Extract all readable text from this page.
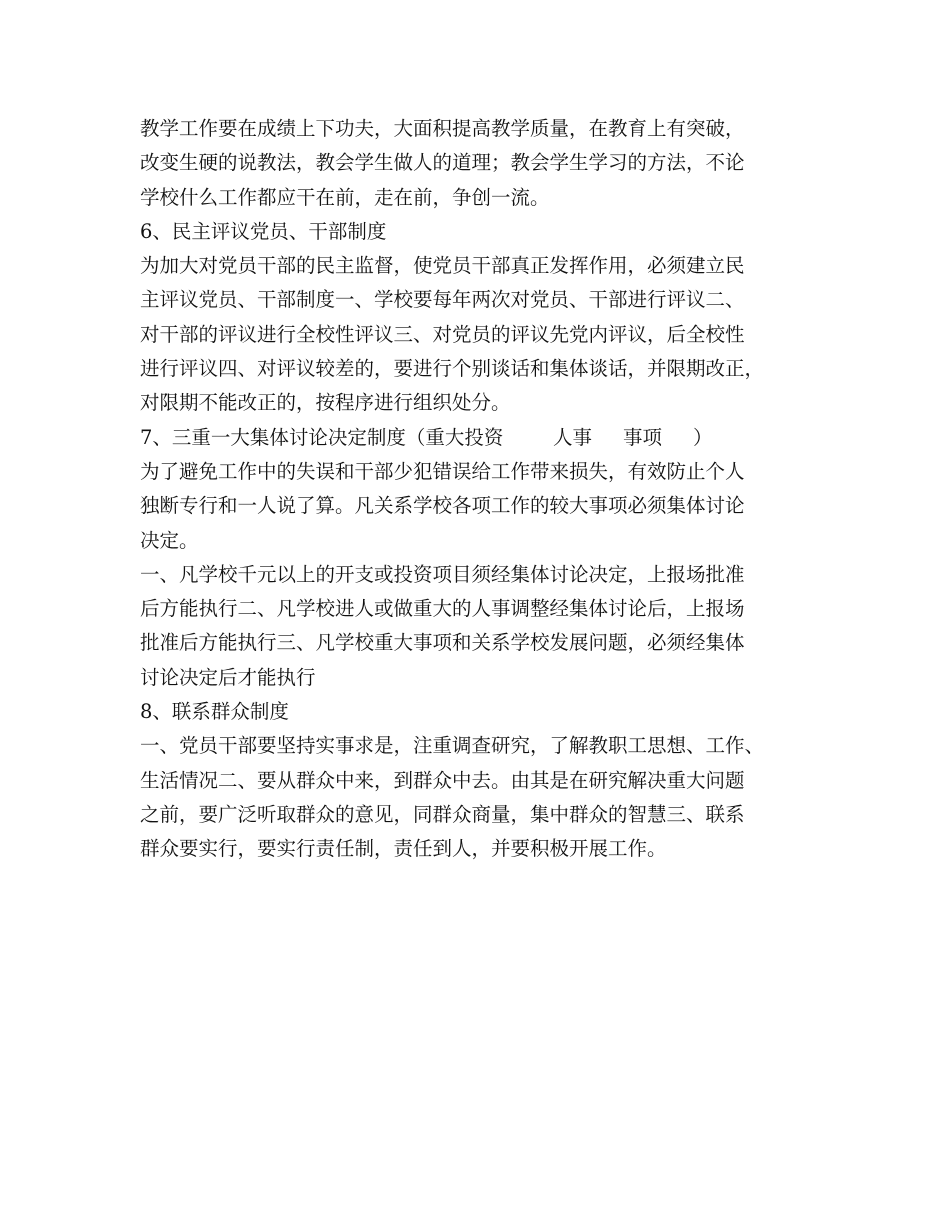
教学工作要在成绩上下功夫，大面积提高教学质量，在教育上有突破，
改变生硬的说教法，教会学生做人的道理；教会学生学习的方法，不论
学校什么工作都应干在前，走在前，争创一流。
6、民主评议党员、干部制度
为加大对党员干部的民主监督，使党员干部真正发挥作用，必须建立民
主评议党员、干部制度一、学校要每年两次对党员、干部进行评议二、
对干部的评议进行全校性评议三、对党员的评议先党内评议，后全校性
进行评议四、对评议较差的，要进行个别谈话和集体谈话，并限期改正，
对限期不能改正的，按程序进行组织处分。
7、三重一大集体讨论决定制度（重大投资        人事     事项     ）
为了避免工作中的失误和干部少犯错误给工作带来损失，有效防止个人
独断专行和一人说了算。凡关系学校各项工作的较大事项必须集体讨论
决定。
一、凡学校千元以上的开支或投资项目须经集体讨论决定，上报场批准
后方能执行二、凡学校进人或做重大的人事调整经集体讨论后，上报场
批准后方能执行三、凡学校重大事项和关系学校发展问题，必须经集体
讨论决定后才能执行
8、联系群众制度
一、党员干部要坚持实事求是，注重调查研究，了解教职工思想、工作、
生活情况二、要从群众中来，到群众中去。由其是在研究解决重大问题
之前，要广泛听取群众的意见，同群众商量，集中群众的智慧三、联系
群众要实行，要实行责任制，责任到人，并要积极开展工作。
